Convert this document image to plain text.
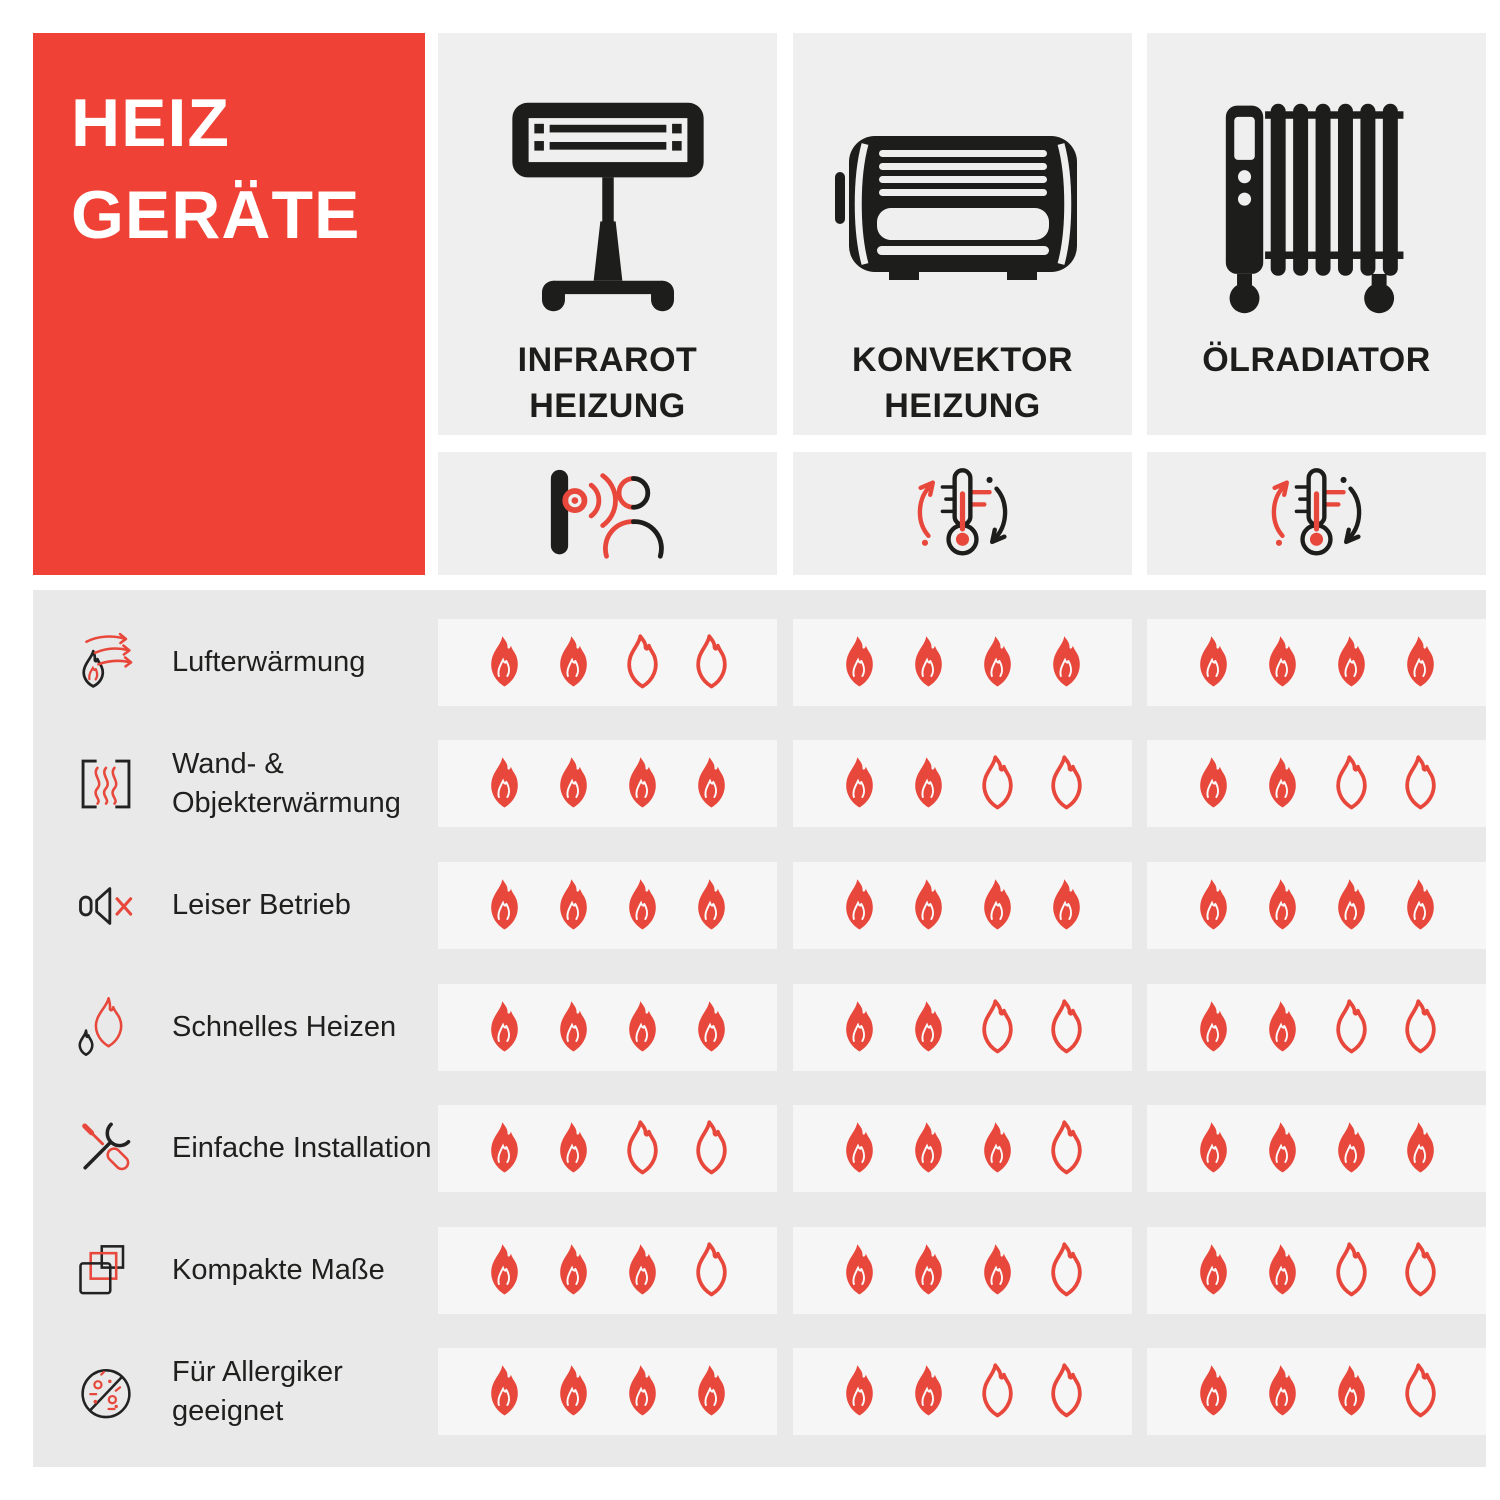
HEIZ
GERÄTE
INFRAROT
HEIZUNG
KONVEKTOR
HEIZUNG
ÖLRADIATOR
Lufterwärmung
Wand- &
Objekterwärmung
Leiser Betrieb
Schnelles Heizen
Einfache Installation
Kompakte Maße
Für Allergiker
geeignet
